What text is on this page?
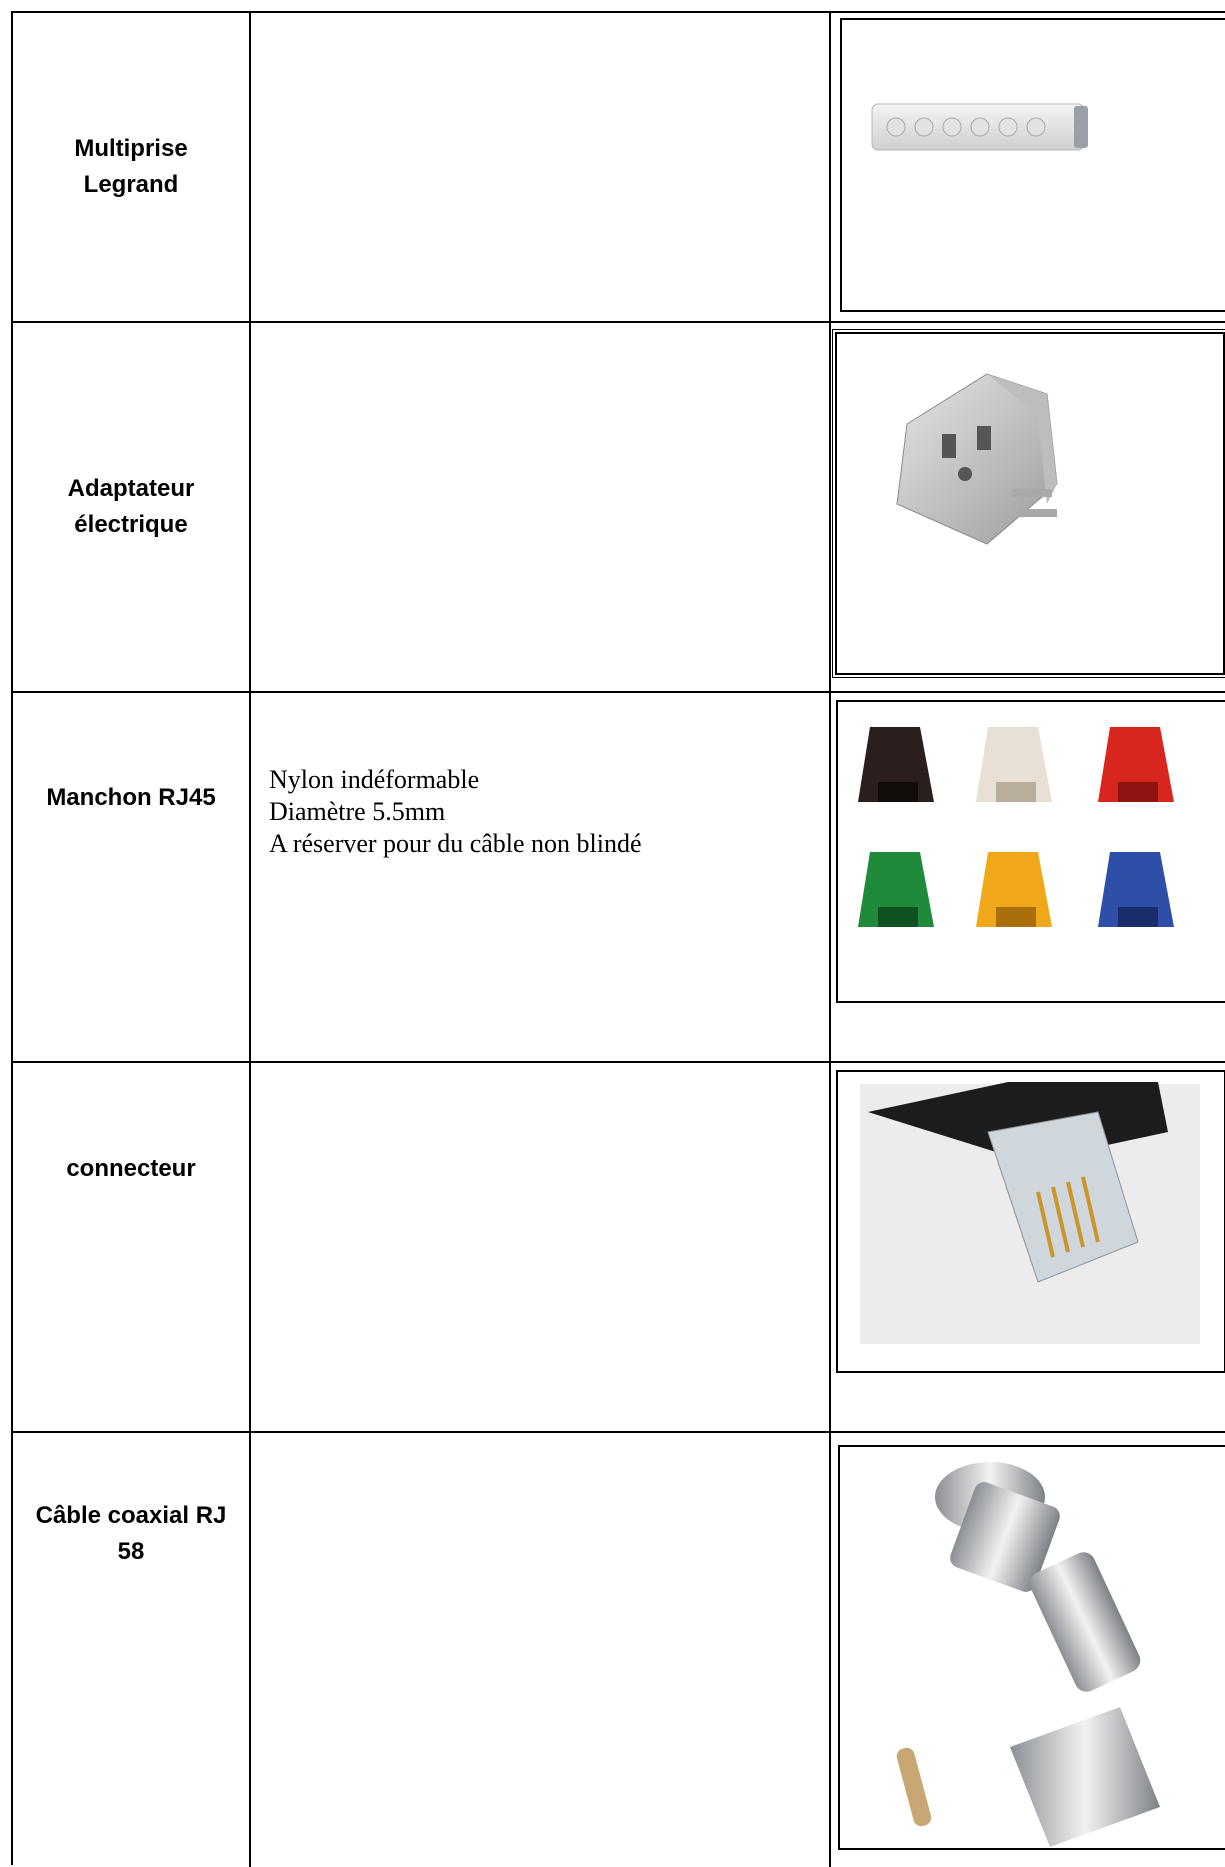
Multiprise
Legrand
Adaptateur
électrique
Manchon RJ45
Nylon indéformable
Diamètre 5.5mm
A réserver pour du câble non blindé
connecteur
Câble coaxial RJ
58
